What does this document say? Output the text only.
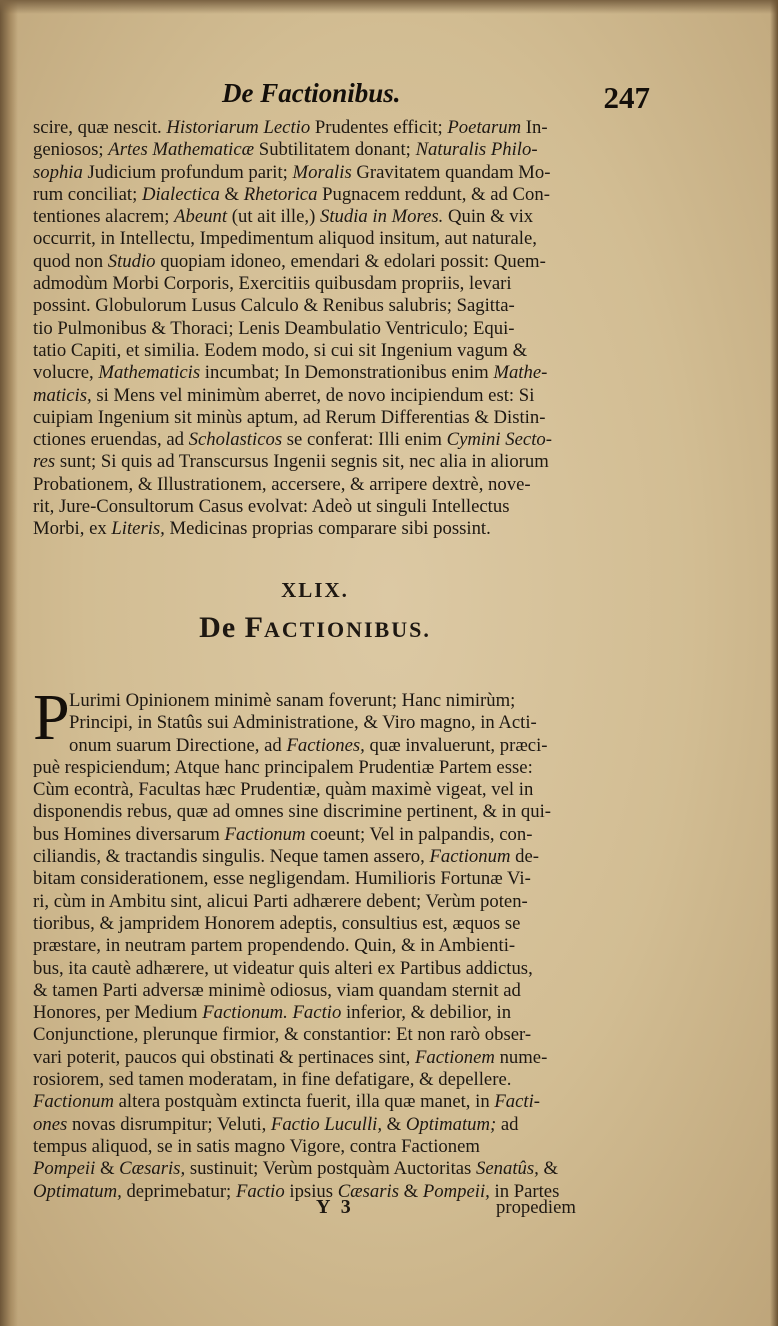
De Factionibus.	247
scire, quæ nescit. Historiarum Lectio Prudentes efficit; Poetarum In-
geniosos; Artes Mathematicæ Subtilitatem donant; Naturalis Philo-
sophia Judicium profundum parit; Moralis Gravitatem quandam Mo-
rum conciliat; Dialectica & Rhetorica Pugnacem reddunt, & ad Con-
tentiones alacrem; Abeunt (ut ait ille,) Studia in Mores. Quin & vix
occurrit, in Intellectu, Impedimentum aliquod insitum, aut naturale,
quod non Studio quopiam idoneo, emendari & edolari possit: Quem-
admodùm Morbi Corporis, Exercitiis quibusdam propriis, levari
possint. Globulorum Lusus Calculo & Renibus salubris; Sagitta-
tio Pulmonibus & Thoraci; Lenis Deambulatio Ventriculo; Equi-
tatio Capiti, et similia. Eodem modo, si cui sit Ingenium vagum &
volucre, Mathematicis incumbat; In Demonstrationibus enim Mathe-
maticis, si Mens vel minimùm aberret, de novo incipiendum est: Si
cuipiam Ingenium sit minùs aptum, ad Rerum Differentias & Distin-
ctiones eruendas, ad Scholasticos se conferat: Illi enim Cymini Secto-
res sunt; Si quis ad Transcursus Ingenii segnis sit, nec alia in aliorum
Probationem, & Illustrationem, accersere, & arripere dextrè, nove-
rit, Jure-Consultorum Casus evolvat: Adeò ut singuli Intellectus
Morbi, ex Literis, Medicinas proprias comparare sibi possint.
XLIX.
De FACTIONIBUS.
P Lurimi Opinionem minimè sanam foverunt; Hanc nimirùm;
Principi, in Statûs sui Administratione, & Viro magno, in Acti-
onum suarum Directione, ad Factiones, quæ invaluerunt, præci-
puè respiciendum; Atque hanc principalem Prudentiæ Partem esse:
Cùm econtrà, Facultas hæc Prudentiæ, quàm maximè vigeat, vel in
disponendis rebus, quæ ad omnes sine discrimine pertinent, & in qui-
bus Homines diversarum Factionum coeunt; Vel in palpandis, con-
ciliandis, & tractandis singulis. Neque tamen assero, Factionum de-
bitam considerationem, esse negligendam. Humilioris Fortunæ Vi-
ri, cùm in Ambitu sint, alicui Parti adhærere debent; Verùm poten-
tioribus, & jampridem Honorem adeptis, consultius est, æquos se
præstare, in neutram partem propendendo. Quin, & in Ambienti-
bus, ita cautè adhærere, ut videatur quis alteri ex Partibus addictus,
& tamen Parti adversæ minimè odiosus, viam quandam sternit ad
Honores, per Medium Factionum. Factio inferior, & debilior, in
Conjunctione, plerunque firmior, & constantior: Et non rarò obser-
vari poterit, paucos qui obstinati & pertinaces sint, Factionem nume-
rosiorem, sed tamen moderatam, in fine defatigare, & depellere.
Factionum altera postquàm extincta fuerit, illa quæ manet, in Facti-
ones novas disrumpitur; Veluti, Factio Luculli, & Optimatum; ad
tempus aliquod, se in satis magno Vigore, contra Factionem
Pompeii & Cæsaris, sustinuit; Verùm postquàm Auctoritas Senatûs, &
Optimatum, deprimebatur; Factio ipsius Cæsaris & Pompeii, in Partes
Y 3	propediem
